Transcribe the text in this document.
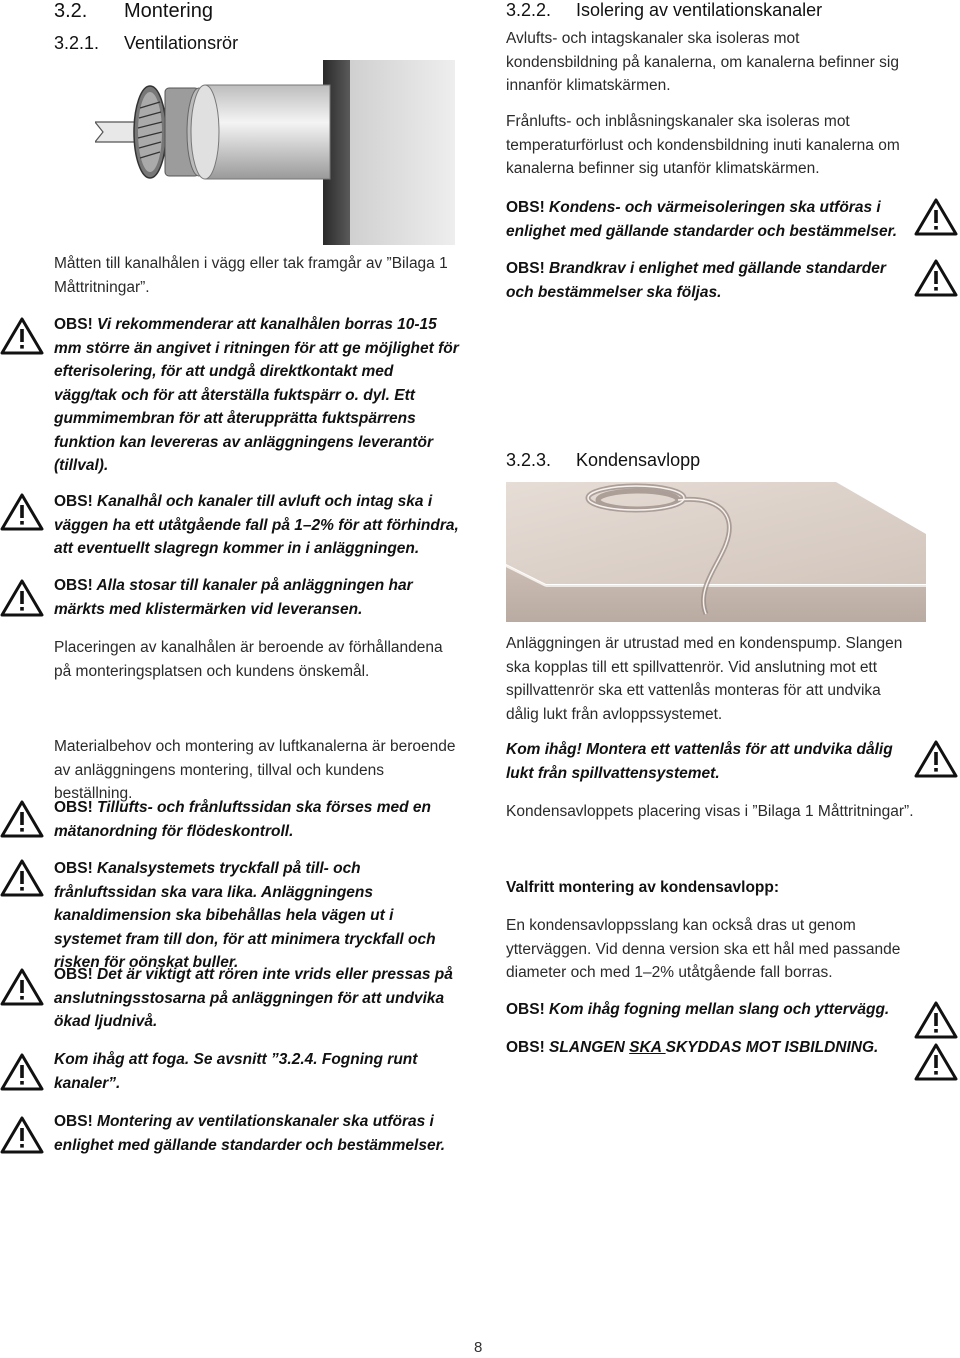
3.2. Montering
3.2.1. Ventilationsrör
Måtten till kanalhålen i vägg eller tak framgår av ”Bilaga 1 Måttritningar”.
OBS! Vi rekommenderar att kanalhålen borras 10-15 mm större än angivet i ritningen för att ge möjlighet för efterisolering, för att undgå direktkontakt med vägg/tak och för att återställa fuktspärr o. dyl. Ett gummimembran för att återupprätta fuktspärrens funktion kan levereras av anläggningens leverantör (tillval).
OBS! Kanalhål och kanaler till avluft och intag ska i väggen ha ett utåtgående fall på 1–2% för att förhindra, att eventuellt slagregn kommer in i anläggningen.
OBS! Alla stosar till kanaler på anläggningen har märkts med klistermärken vid leveransen.
Placeringen av kanalhålen är beroende av förhållandena på monteringsplatsen och kundens önskemål.
Materialbehov och montering av luftkanalerna är beroende av anläggningens montering, tillval och kundens beställning.
OBS! Tillufts- och frånluftssidan ska förses med en mätanordning för flödeskontroll.
OBS! Kanalsystemets tryckfall på till- och frånluftssidan ska vara lika. Anläggningens kanaldimension ska bibehållas hela vägen ut i systemet fram till don, för att minimera tryckfall och risken för oönskat buller.
OBS! Det är viktigt att rören inte vrids eller pressas på anslutningsstosarna på anläggningen för att undvika ökad ljudnivå.
Kom ihåg att foga. Se avsnitt ”3.2.4. Fogning runt kanaler”.
OBS! Montering av ventilationskanaler ska utföras i enlighet med gällande standarder och bestämmelser.
3.2.2. Isolering av ventilationskanaler
Avlufts- och intagskanaler ska isoleras mot kondensbildning på kanalerna, om kanalerna befinner sig innanför klimatskärmen.
Frånlufts- och inblåsningskanaler ska isoleras mot temperaturförlust och kondensbildning inuti kanalerna om kanalerna befinner sig utanför klimatskärmen.
OBS! Kondens- och värmeisoleringen ska utföras i enlighet med gällande standarder och bestämmelser.
OBS! Brandkrav i enlighet med gällande standarder och bestämmelser ska följas.
3.2.3. Kondensavlopp
Anläggningen är utrustad med en kondenspump. Slangen ska kopplas till ett spillvattenrör. Vid anslutning mot ett spillvattenrör ska ett vattenlås monteras för att undvika dålig lukt från avloppssystemet.
Kom ihåg! Montera ett vattenlås för att undvika dålig lukt från spillvattensystemet.
Kondensavloppets placering visas i ”Bilaga 1 Måttritningar”.
Valfritt montering av kondensavlopp:
En kondensavloppsslang kan också dras ut genom ytterväggen. Vid denna version ska ett hål med passande diameter och med 1–2% utåtgående fall borras.
OBS! Kom ihåg fogning mellan slang och yttervägg.
OBS! SLANGEN SKA SKYDDAS MOT ISBILDNING.
8
